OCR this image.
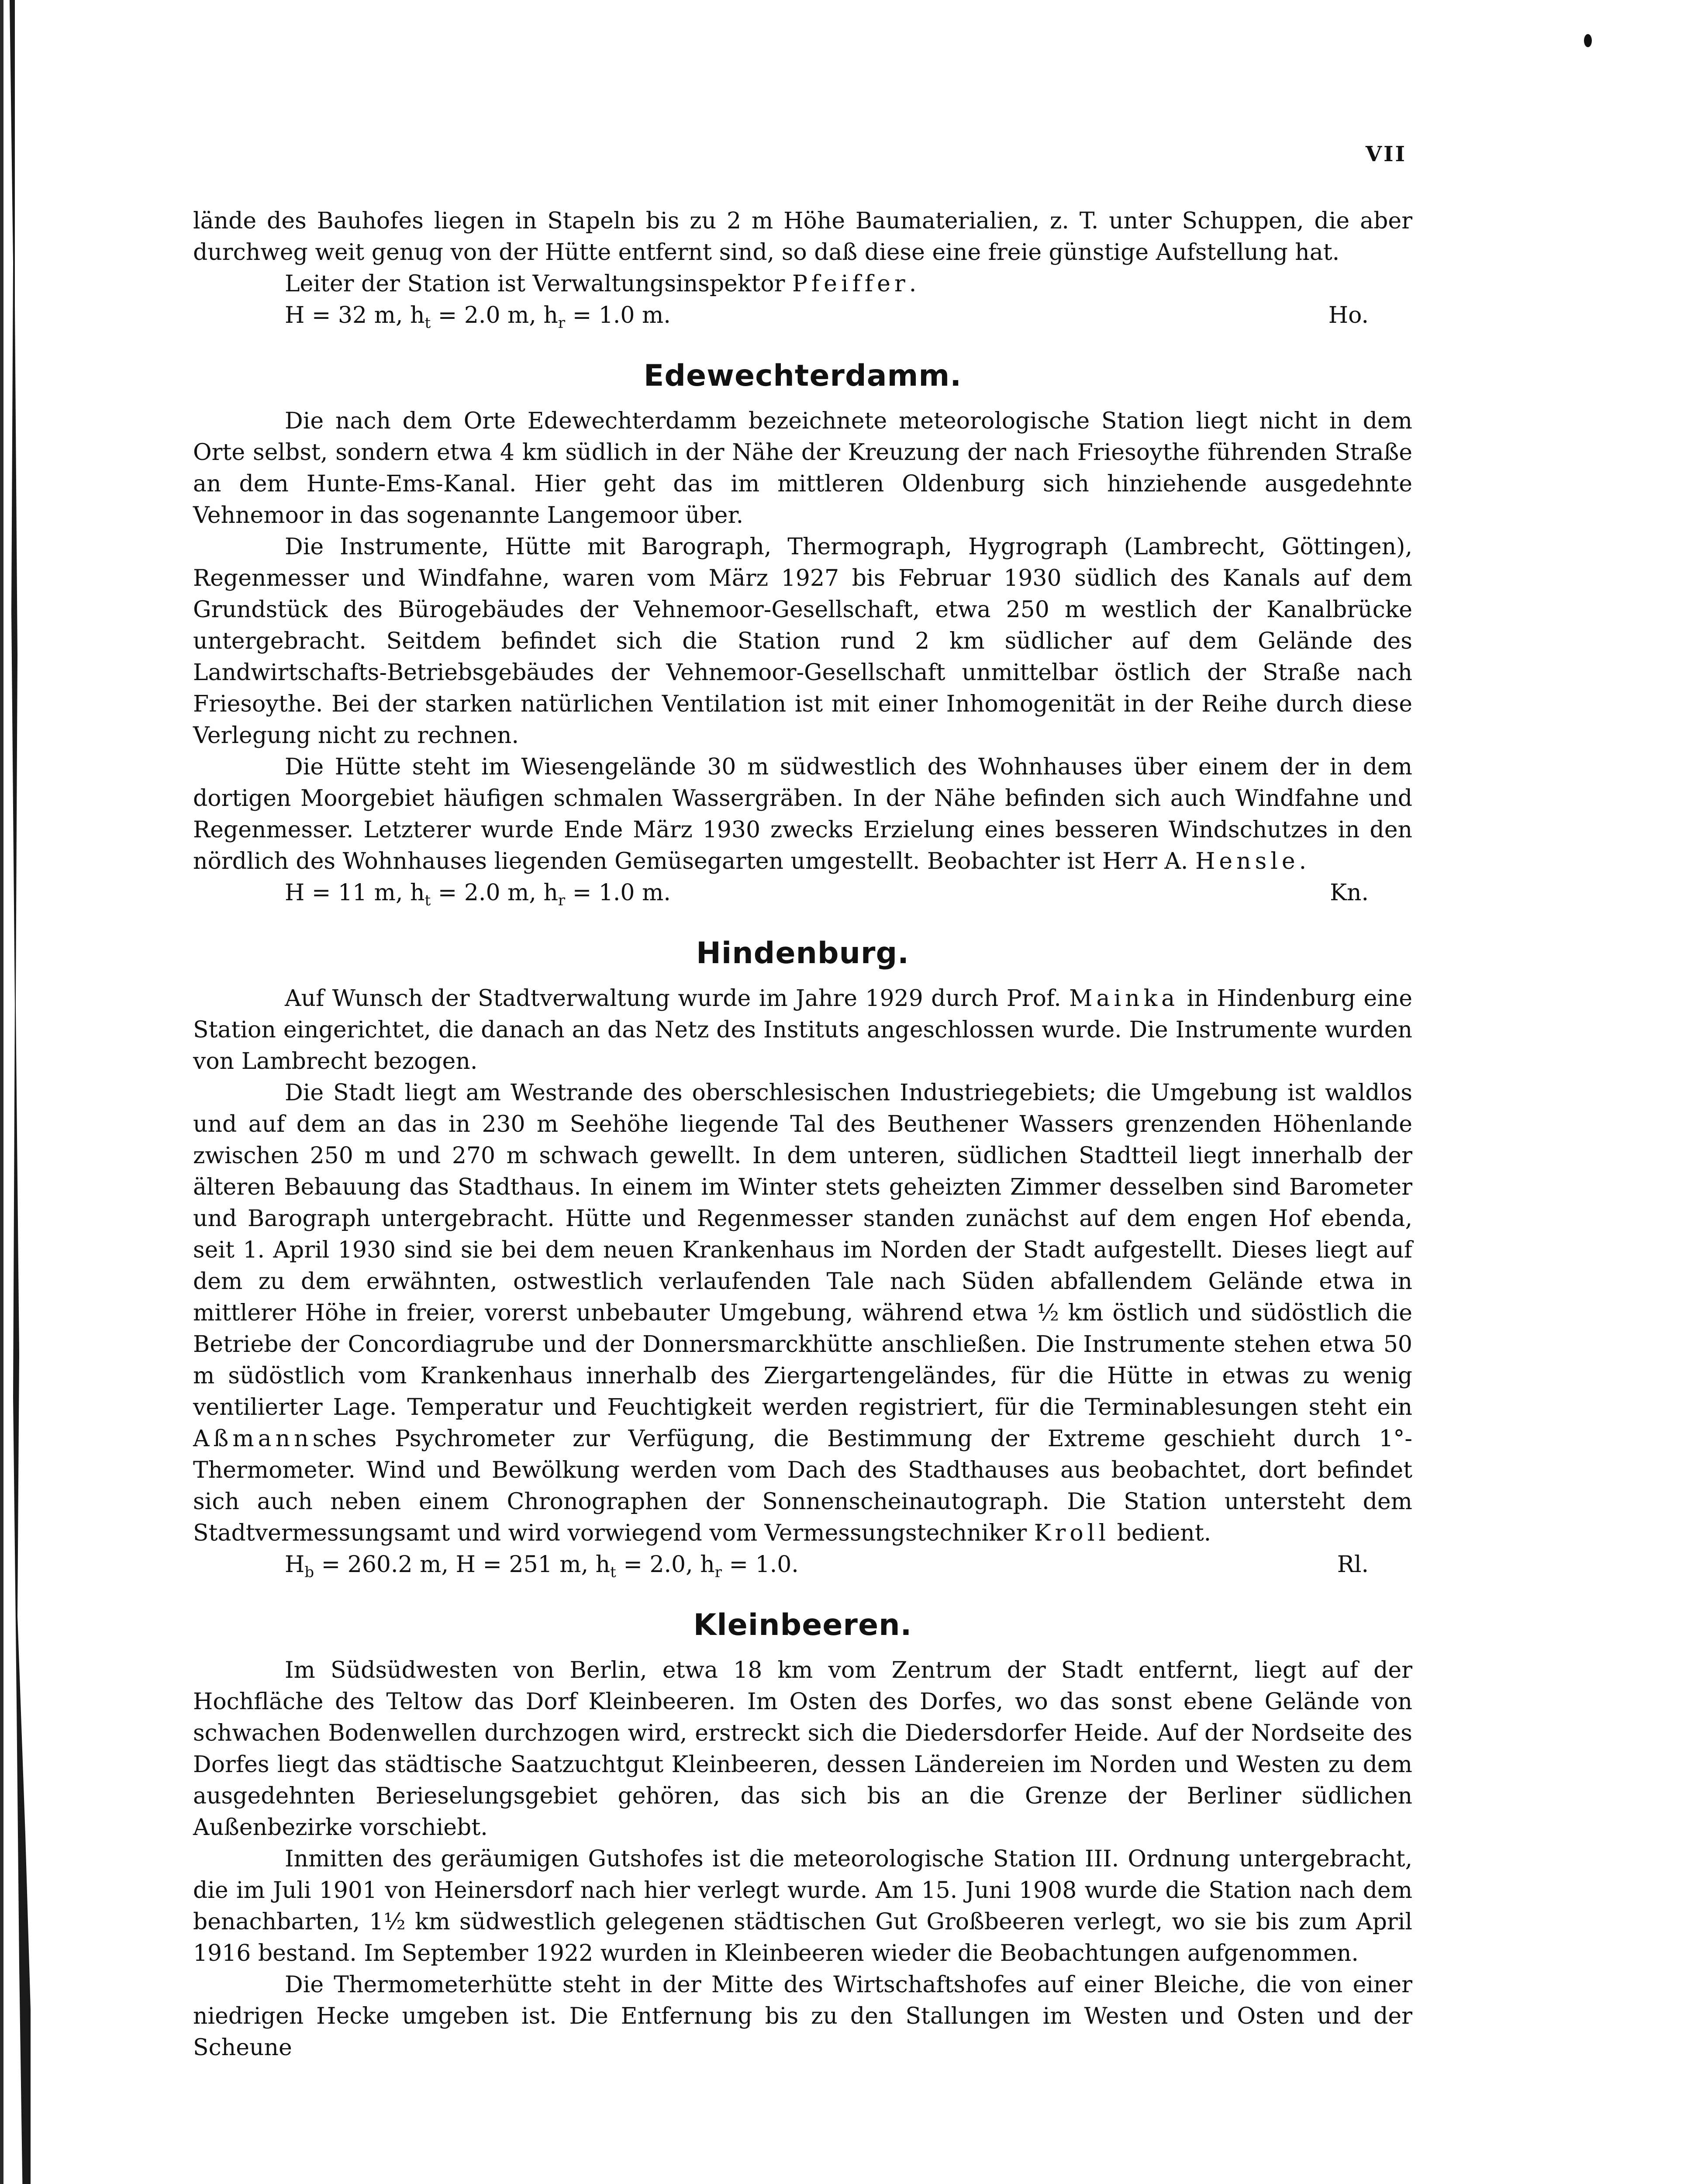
VII

lände des Bauhofes liegen in Stapeln bis zu 2 m Höhe Baumaterialien, z. T. unter Schuppen, die aber durchweg weit genug von der Hütte entfernt sind, so daß diese eine freie günstige Aufstellung hat.

Leiter der Station ist Verwaltungsinspektor Pfeiffer.

H = 32 m, $h_t = 2.0$ m, $h_r = 1.0$ m.	Ho.
Edewechterdamm.

Die nach dem Orte Edewechterdamm bezeichnete meteorologische Station liegt nicht in dem Orte selbst, sondern etwa 4 km südlich in der Nähe der Kreuzung der nach Friesoythe führenden Straße an dem Hunte-Ems-Kanal. Hier geht das im mittleren Oldenburg sich hinziehende ausgedehnte Vehnemoor in das sogenannte Langemoor über.

Die Instrumente, Hütte mit Barograph, Thermograph, Hygrograph (Lambrecht, Göttingen), Regenmesser und Windfahne, waren vom März 1927 bis Februar 1930 südlich des Kanals auf dem Grundstück des Bürogebäudes der Vehnemoor-Gesellschaft, etwa 250 m westlich der Kanalbrücke untergebracht. Seitdem befindet sich die Station rund 2 km südlicher auf dem Gelände des Landwirtschafts-Betriebsgebäudes der Vehnemoor-Gesellschaft unmittelbar östlich der Straße nach Friesoythe. Bei der starken natürlichen Ventilation ist mit einer Inhomogenität in der Reihe durch diese Verlegung nicht zu rechnen.

Die Hütte steht im Wiesengelände 30 m südwestlich des Wohnhauses über einem der in dem dortigen Moorgebiet häufigen schmalen Wassergräben. In der Nähe befinden sich auch Windfahne und Regenmesser. Letzterer wurde Ende März 1930 zwecks Erzielung eines besseren Windschutzes in den nördlich des Wohnhauses liegenden Gemüsegarten umgestellt. Beobachter ist Herr A. Hensle.

H = 11 m, $h_t = 2.0$ m, $h_r = 1.0$ m.	Kn.
Hindenburg.

Auf Wunsch der Stadtverwaltung wurde im Jahre 1929 durch Prof. Mainka in Hindenburg eine Station eingerichtet, die danach an das Netz des Instituts angeschlossen wurde. Die Instrumente wurden von Lambrecht bezogen.

Die Stadt liegt am Westrande des oberschlesischen Industriegebiets; die Umgebung ist waldlos und auf dem an das in 230 m Seehöhe liegende Tal des Beuthener Wassers grenzenden Höhenlande zwischen 250 m und 270 m schwach gewellt. In dem unteren, südlichen Stadtteil liegt innerhalb der älteren Bebauung das Stadthaus. In einem im Winter stets geheizten Zimmer desselben sind Barometer und Barograph untergebracht. Hütte und Regenmesser standen zunächst auf dem engen Hof ebenda, seit 1. April 1930 sind sie bei dem neuen Krankenhaus im Norden der Stadt aufgestellt. Dieses liegt auf dem zu dem erwähnten, ostwestlich verlaufenden Tale nach Süden abfallendem Gelände etwa in mittlerer Höhe in freier, vorerst unbebauter Umgebung, während etwa ½ km östlich und südöstlich die Betriebe der Concordiagrube und der Donnersmarckhütte anschließen. Die Instrumente stehen etwa 50 m südöstlich vom Krankenhaus innerhalb des Ziergartengeländes, für die Hütte in etwas zu wenig ventilierter Lage. Temperatur und Feuchtigkeit werden registriert, für die Terminablesungen steht ein Aßmannsches Psychrometer zur Verfügung, die Bestimmung der Extreme geschieht durch 1°-Thermometer. Wind und Bewölkung werden vom Dach des Stadthauses aus beobachtet, dort befindet sich auch neben einem Chronographen der Sonnenscheinautograph. Die Station untersteht dem Stadtvermessungsamt und wird vorwiegend vom Vermessungstechniker Kroll bedient.

$H_b = 260.2$ m, H = 251 m, $h_t = 2.0$, $h_r = 1.0$.	Rl.
Kleinbeeren.

Im Südsüdwesten von Berlin, etwa 18 km vom Zentrum der Stadt entfernt, liegt auf der Hochfläche des Teltow das Dorf Kleinbeeren. Im Osten des Dorfes, wo das sonst ebene Gelände von schwachen Bodenwellen durchzogen wird, erstreckt sich die Diedersdorfer Heide. Auf der Nordseite des Dorfes liegt das städtische Saatzuchtgut Kleinbeeren, dessen Ländereien im Norden und Westen zu dem ausgedehnten Berieselungsgebiet gehören, das sich bis an die Grenze der Berliner südlichen Außenbezirke vorschiebt.

Inmitten des geräumigen Gutshofes ist die meteorologische Station III. Ordnung untergebracht, die im Juli 1901 von Heinersdorf nach hier verlegt wurde. Am 15. Juni 1908 wurde die Station nach dem benachbarten, 1½ km südwestlich gelegenen städtischen Gut Großbeeren verlegt, wo sie bis zum April 1916 bestand. Im September 1922 wurden in Kleinbeeren wieder die Beobachtungen aufgenommen.

Die Thermometerhütte steht in der Mitte des Wirtschaftshofes auf einer Bleiche, die von einer niedrigen Hecke umgeben ist. Die Entfernung bis zu den Stallungen im Westen und Osten und der Scheune
